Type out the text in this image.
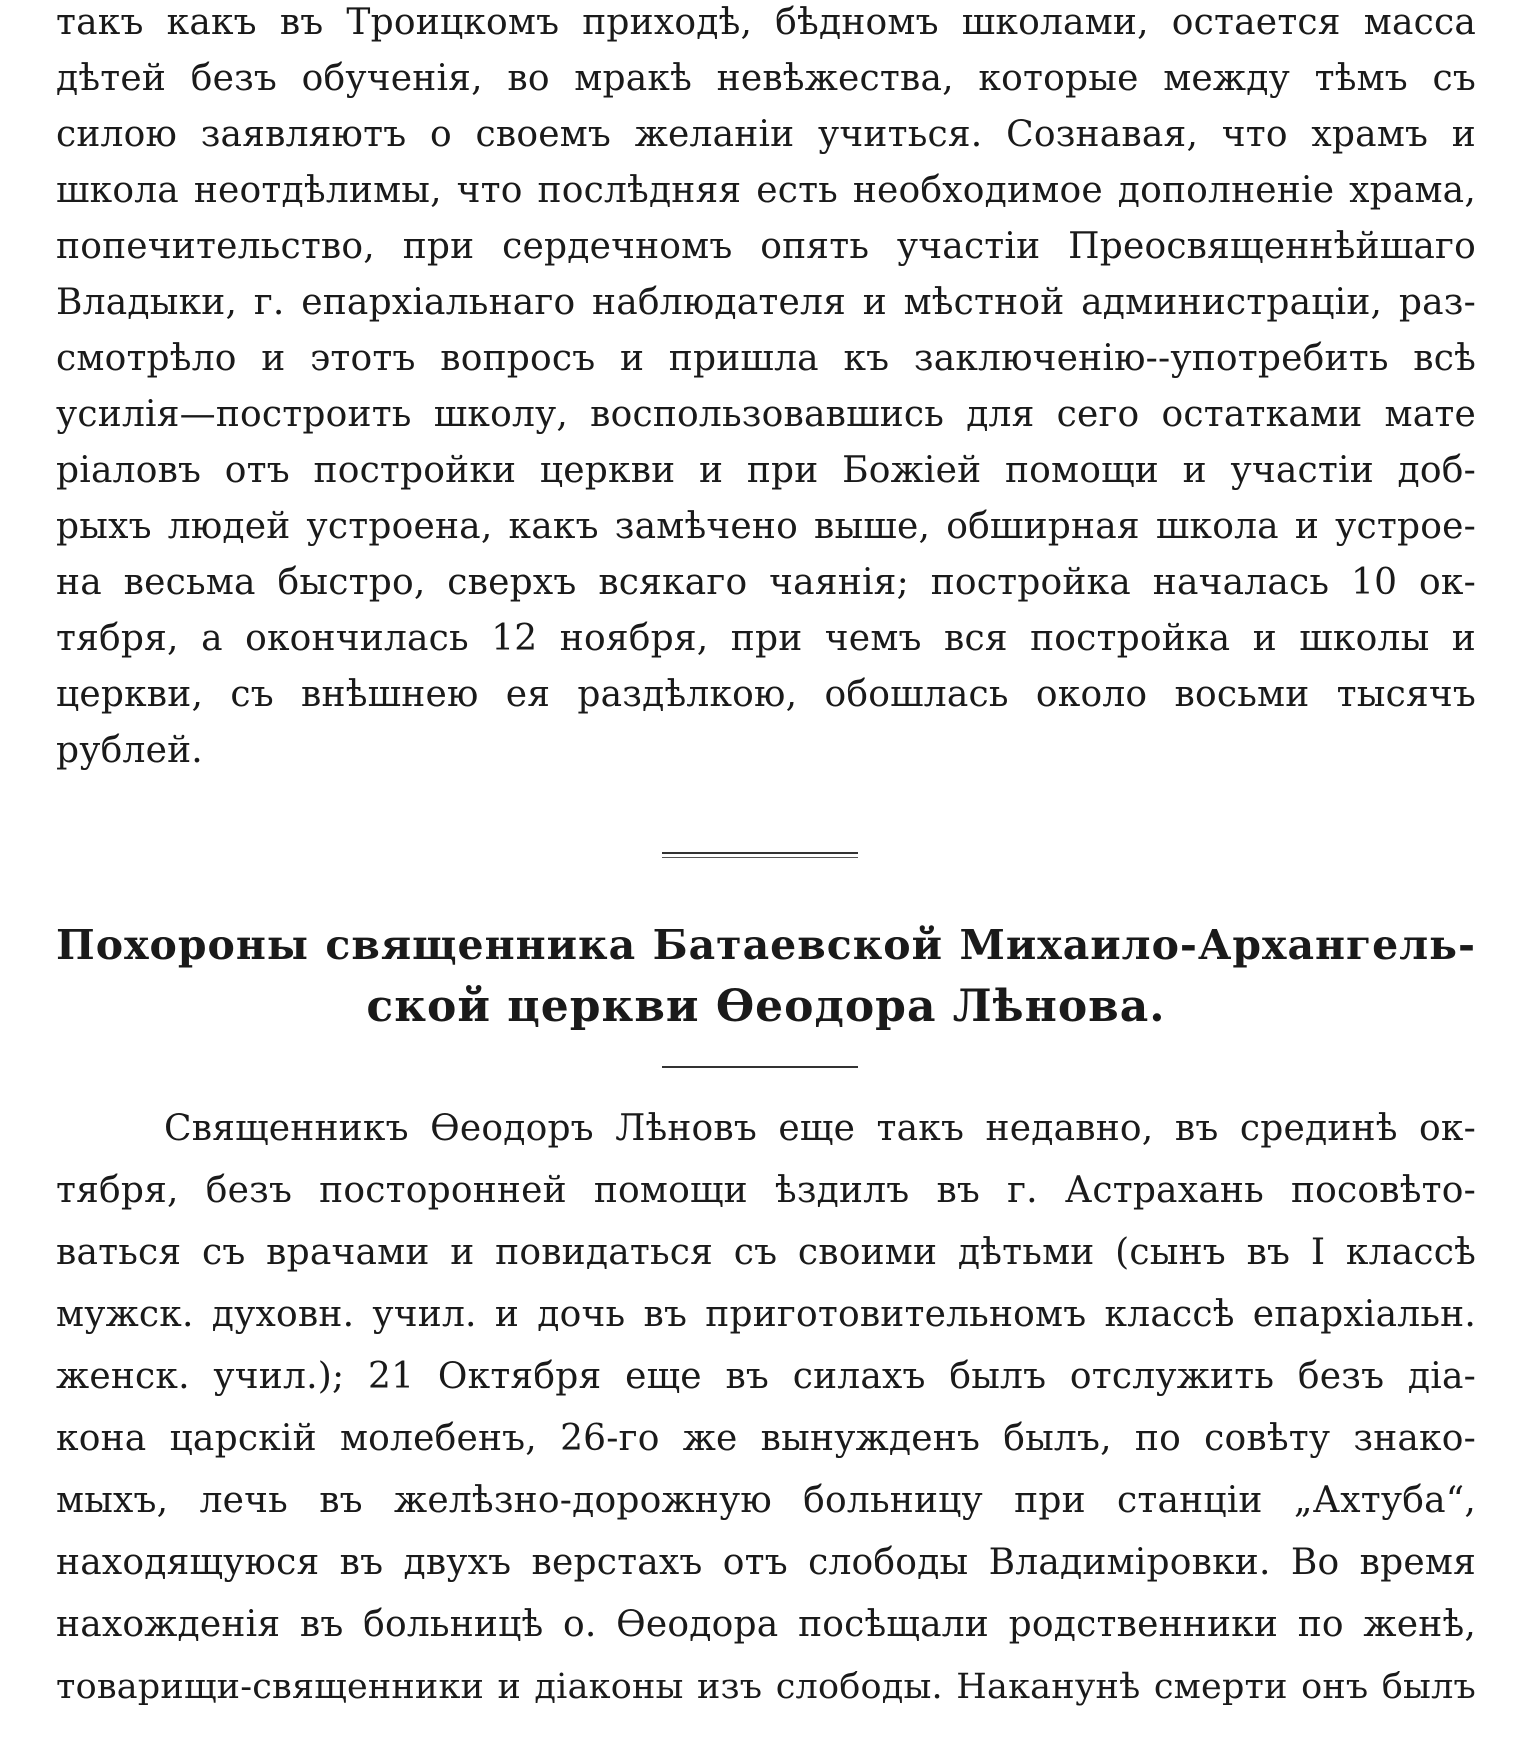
такъ какъ въ Троицкомъ приходѣ, бѣдномъ школами, остается масса
дѣтей безъ обученія, во мракѣ невѣжества, которые между тѣмъ съ
силою заявляютъ о своемъ желаніи учиться. Сознавая, что храмъ и
школа неотдѣлимы, что послѣдняя есть необходимое дополненіе храма,
попечительство, при сердечномъ опять участіи Преосвященнѣйшаго
Владыки, г. епархіальнаго наблюдателя и мѣстной администраціи, раз-
смотрѣло и этотъ вопросъ и пришла къ заключенію--употребить всѣ
усилія—построить школу, воспользовавшись для сего остатками мате
ріаловъ отъ постройки церкви и при Божіей помощи и участіи доб-
рыхъ людей устроена, какъ замѣчено выше, обширная школа и устрое-
на весьма быстро, сверхъ всякаго чаянія; постройка началась 10 ок-
тября, а окончилась 12 ноября, при чемъ вся постройка и школы и
церкви, съ внѣшнею ея раздѣлкою, обошлась около восьми тысячъ
рублей.
Похороны священника Батаевской Михаило-Архангель-
ской церкви Ѳеодора Лѣнова.
Священникъ Ѳеодоръ Лѣновъ еще такъ недавно, въ срединѣ ок-
тября, безъ посторонней помощи ѣздилъ въ г. Астрахань посовѣто-
ваться съ врачами и повидаться съ своими дѣтьми (сынъ въ I классѣ
мужск. духовн. учил. и дочь въ приготовительномъ классѣ епархіальн.
женск. учил.); 21 Октября еще въ силахъ былъ отслужить безъ діа-
кона царскій молебенъ, 26-го же вынужденъ былъ, по совѣту знако-
мыхъ, лечь въ желѣзно-дорожную больницу при станціи „Ахтуба“,
находящуюся въ двухъ верстахъ отъ слободы Владиміровки. Во время
нахожденія въ больницѣ о. Ѳеодора посѣщали родственники по женѣ,
товарищи-священники и діаконы изъ слободы. Наканунѣ смерти онъ былъ
